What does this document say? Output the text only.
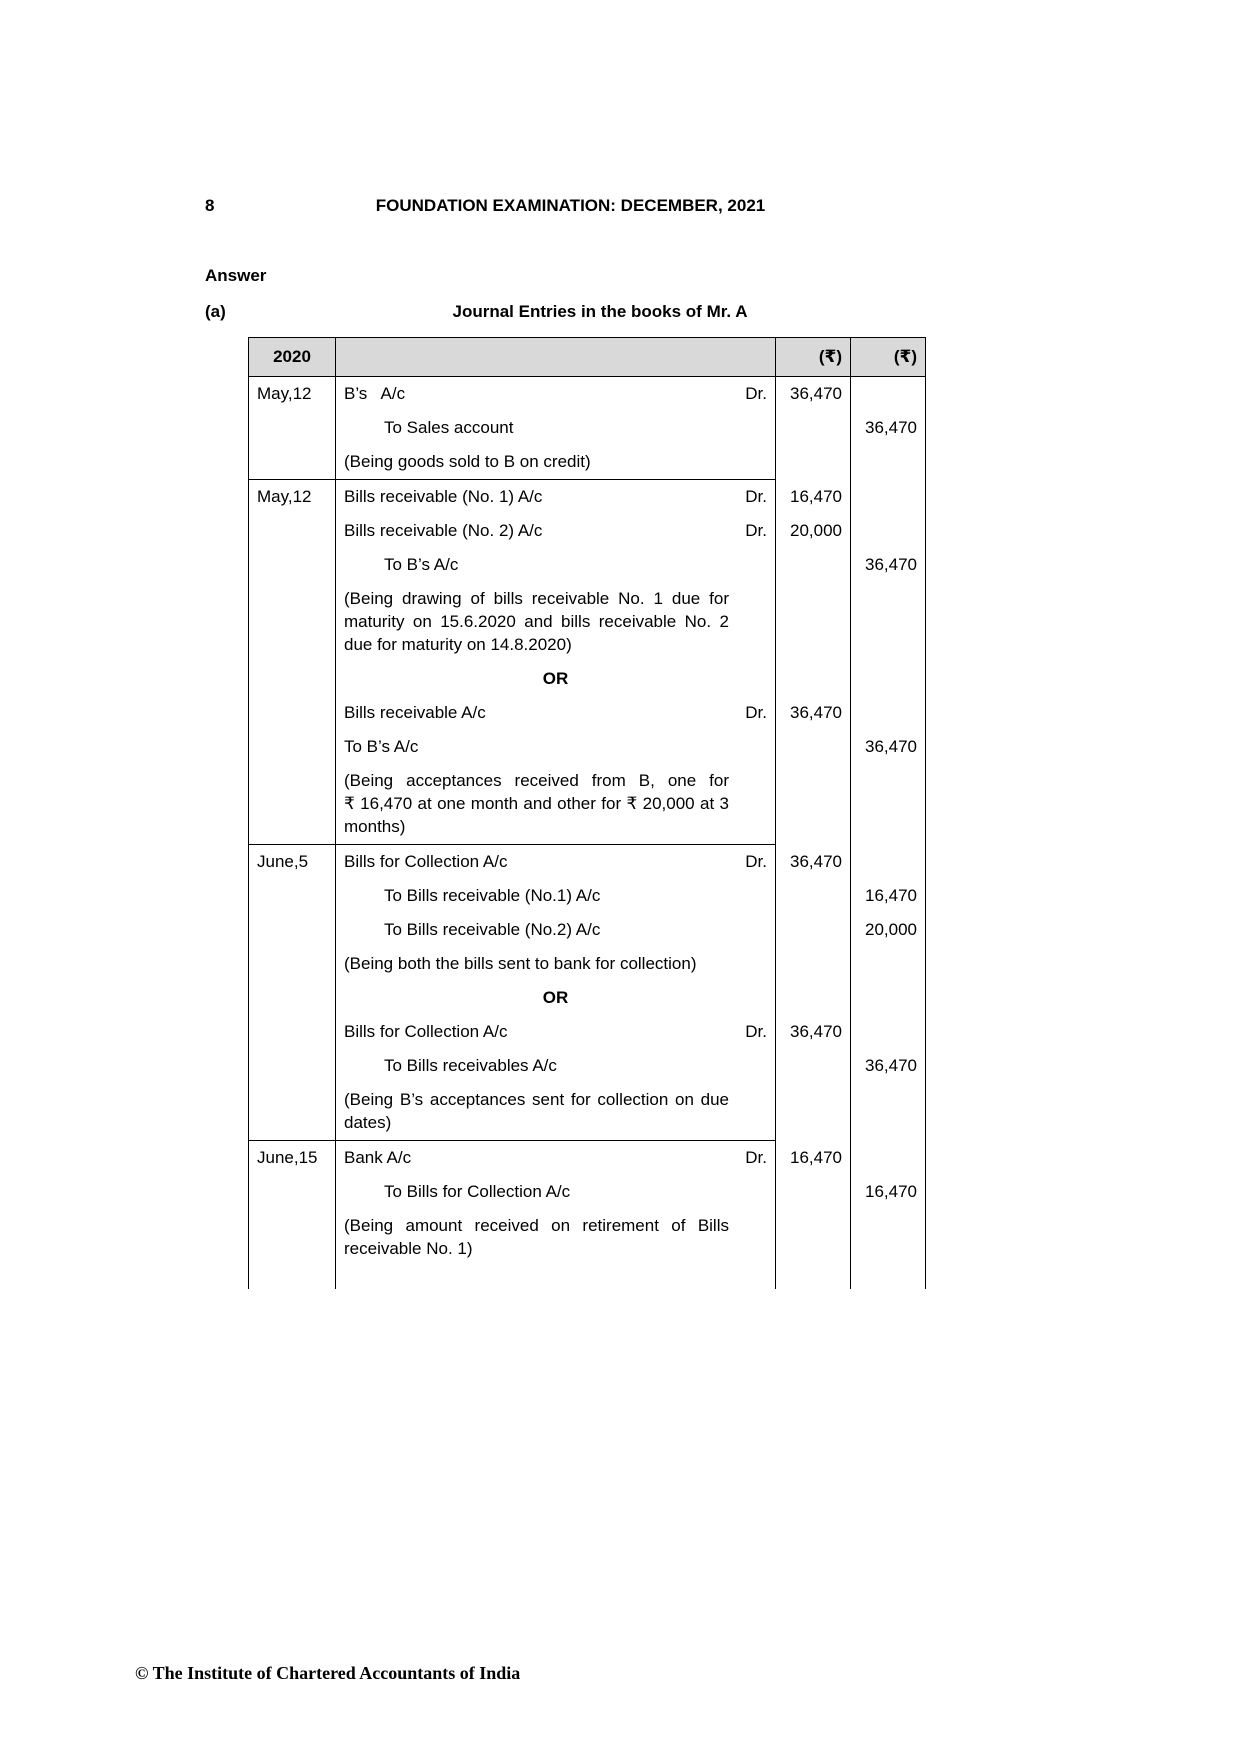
8	FOUNDATION EXAMINATION: DECEMBER, 2021
Answer
(a)	Journal Entries in the books of Mr. A
2020		(₹)	(₹)
May,12	B’s   A/c Dr.	36,470	

	To Sales account		36,470

	(Being goods sold to B on credit)		

May,12	Bills receivable (No. 1) A/c Dr.	16,470	

	Bills receivable (No. 2) A/c Dr.	20,000	

	To B’s A/c		36,470

	(Being drawing of bills receivable No. 1 due for maturity on 15.6.2020 and bills receivable No. 2 due for maturity on 14.8.2020)		

	OR		

	Bills receivable A/c Dr.	36,470	

	To B’s A/c		36,470

	(Being acceptances received from B, one for ₹ 16,470 at one month and other for ₹ 20,000 at 3 months)		

June,5	Bills for Collection A/c Dr.	36,470	

	To Bills receivable (No.1) A/c		16,470

	To Bills receivable (No.2) A/c		20,000

	(Being both the bills sent to bank for collection)		

	OR		

	Bills for Collection A/c Dr.	36,470	

	To Bills receivables A/c		36,470

	(Being B’s acceptances sent for collection on due dates)		

June,15	Bank A/c Dr.	16,470	

	To Bills for Collection A/c		16,470

	(Being amount received on retirement of Bills receivable No. 1)		

© The Institute of Chartered Accountants of India
